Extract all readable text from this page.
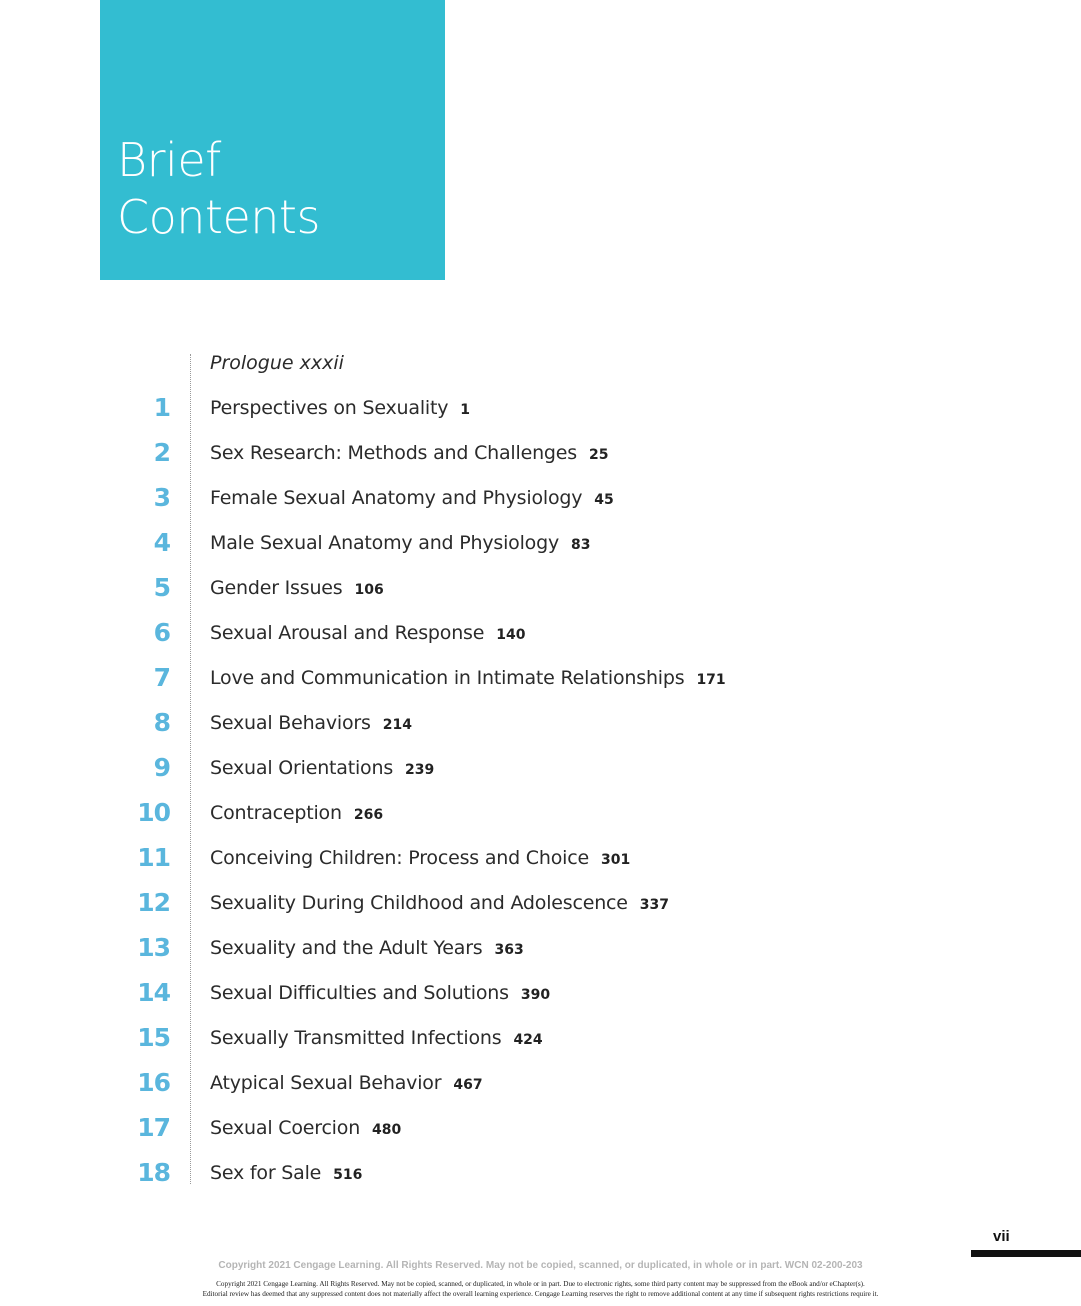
Brief
Contents
Prologue xxxii
1 Perspectives on Sexuality 1
2 Sex Research: Methods and Challenges 25
3 Female Sexual Anatomy and Physiology 45
4 Male Sexual Anatomy and Physiology 83
5 Gender Issues 106
6 Sexual Arousal and Response 140
7 Love and Communication in Intimate Relationships 171
8 Sexual Behaviors 214
9 Sexual Orientations 239
10 Contraception 266
11 Conceiving Children: Process and Choice 301
12 Sexuality During Childhood and Adolescence 337
13 Sexuality and the Adult Years 363
14 Sexual Difficulties and Solutions 390
15 Sexually Transmitted Infections 424
16 Atypical Sexual Behavior 467
17 Sexual Coercion 480
18 Sex for Sale 516
vii
Copyright 2021 Cengage Learning. All Rights Reserved. May not be copied, scanned, or duplicated, in whole or in part. WCN 02-200-203
Copyright 2021 Cengage Learning. All Rights Reserved. May not be copied, scanned, or duplicated, in whole or in part. Due to electronic rights, some third party content may be suppressed from the eBook and/or eChapter(s).
Editorial review has deemed that any suppressed content does not materially affect the overall learning experience. Cengage Learning reserves the right to remove additional content at any time if subsequent rights restrictions require it.
